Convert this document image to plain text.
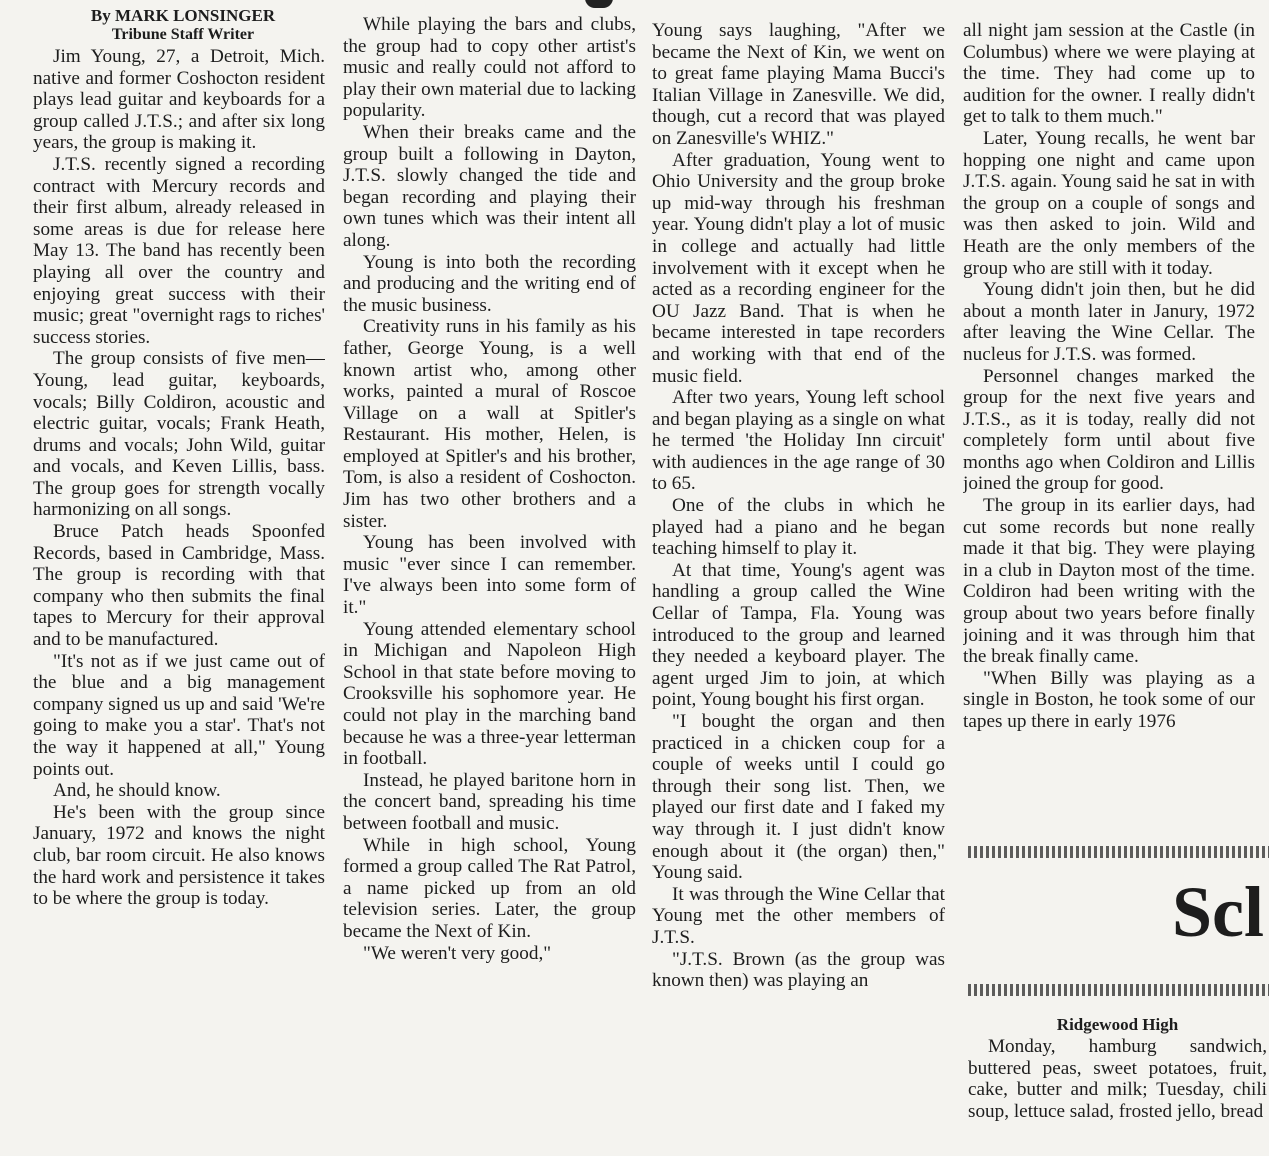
By MARK LONSINGER
Tribune Staff Writer

Jim Young, 27, a Detroit, Mich. native and former Coshocton resident plays lead guitar and keyboards for a group called J.T.S.; and after six long years, the group is making it.

J.T.S. recently signed a recording contract with Mercury records and their first album, already released in some areas is due for release here May 13. The band has recently been playing all over the country and enjoying great success with their music; great "overnight rags to riches' success stories.

The group consists of five men—Young, lead guitar, keyboards, vocals; Billy Coldiron, acoustic and electric guitar, vocals; Frank Heath, drums and vocals; John Wild, guitar and vocals, and Keven Lillis, bass. The group goes for strength vocally harmonizing on all songs.

Bruce Patch heads Spoonfed Records, based in Cambridge, Mass. The group is recording with that company who then submits the final tapes to Mercury for their approval and to be manufactured.

"It's not as if we just came out of the blue and a big management company signed us up and said 'We're going to make you a star'. That's not the way it happened at all," Young points out.

And, he should know.

He's been with the group since January, 1972 and knows the night club, bar room circuit. He also knows the hard work and persistence it takes to be where the group is today.

While playing the bars and clubs, the group had to copy other artist's music and really could not afford to play their own material due to lacking popularity.

When their breaks came and the group built a following in Dayton, J.T.S. slowly changed the tide and began recording and playing their own tunes which was their intent all along.

Young is into both the recording and producing and the writing end of the music business.

Creativity runs in his family as his father, George Young, is a well known artist who, among other works, painted a mural of Roscoe Village on a wall at Spitler's Restaurant. His mother, Helen, is employed at Spitler's and his brother, Tom, is also a resident of Coshocton. Jim has two other brothers and a sister.

Young has been involved with music "ever since I can remember. I've always been into some form of it."

Young attended elementary school in Michigan and Napoleon High School in that state before moving to Crooksville his sophomore year. He could not play in the marching band because he was a three-year letterman in football.

Instead, he played baritone horn in the concert band, spreading his time between football and music.

While in high school, Young formed a group called The Rat Patrol, a name picked up from an old television series. Later, the group became the Next of Kin.

"We weren't very good,"

Young says laughing, "After we became the Next of Kin, we went on to great fame playing Mama Bucci's Italian Village in Zanesville. We did, though, cut a record that was played on Zanesville's WHIZ."

After graduation, Young went to Ohio University and the group broke up mid-way through his freshman year. Young didn't play a lot of music in college and actually had little involvement with it except when he acted as a recording engineer for the OU Jazz Band. That is when he became interested in tape recorders and working with that end of the music field.

After two years, Young left school and began playing as a single on what he termed 'the Holiday Inn circuit' with audiences in the age range of 30 to 65.

One of the clubs in which he played had a piano and he began teaching himself to play it.

At that time, Young's agent was handling a group called the Wine Cellar of Tampa, Fla. Young was introduced to the group and learned they needed a keyboard player. The agent urged Jim to join, at which point, Young bought his first organ.

"I bought the organ and then practiced in a chicken coup for a couple of weeks until I could go through their song list. Then, we played our first date and I faked my way through it. I just didn't know enough about it (the organ) then," Young said.

It was through the Wine Cellar that Young met the other members of J.T.S.

"J.T.S. Brown (as the group was known then) was playing an

all night jam session at the Castle (in Columbus) where we were playing at the time. They had come up to audition for the owner. I really didn't get to talk to them much."

Later, Young recalls, he went bar hopping one night and came upon J.T.S. again. Young said he sat in with the group on a couple of songs and was then asked to join. Wild and Heath are the only members of the group who are still with it today.

Young didn't join then, but he did about a month later in Janury, 1972 after leaving the Wine Cellar. The nucleus for J.T.S. was formed.

Personnel changes marked the group for the next five years and J.T.S., as it is today, really did not completely form until about five months ago when Coldiron and Lillis joined the group for good.

The group in its earlier days, had cut some records but none really made it that big. They were playing in a club in Dayton most of the time. Coldiron had been writing with the group about two years before finally joining and it was through him that the break finally came.

"When Billy was playing as a single in Boston, he took some of our tapes up there in early 1976

Scl
Ridgewood High

Monday, hamburg sandwich, buttered peas, sweet potatoes, fruit, cake, butter and milk; Tuesday, chili soup, lettuce salad, frosted jello, bread
